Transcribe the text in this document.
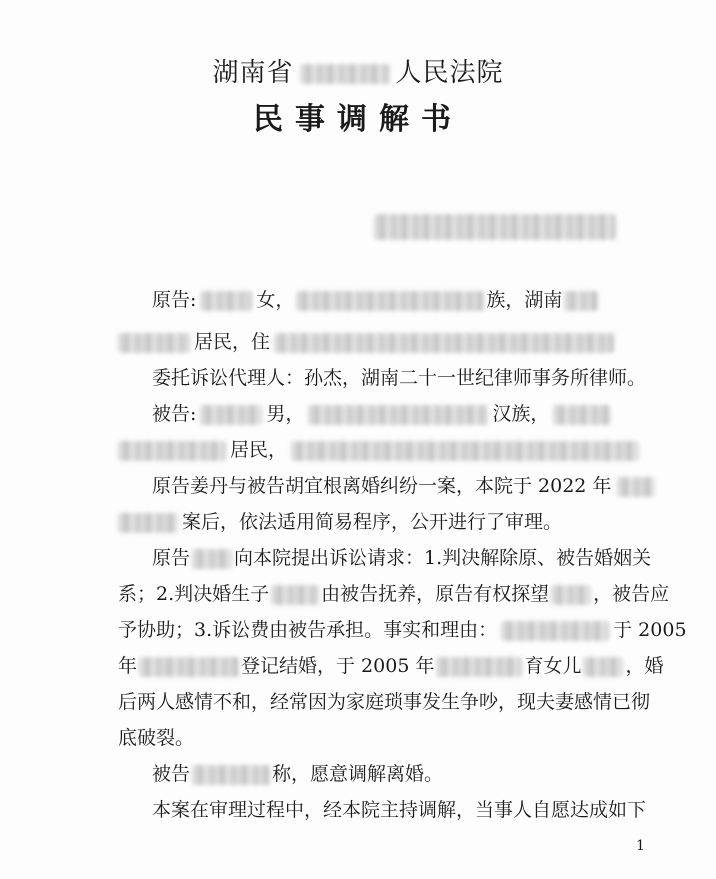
湖南省	人民法院
民事调解书
原告:	女，	族，湖南
居民，住
委托诉讼代理人：孙杰，湖南二十一世纪律师事务所律师。
被告:	男，	汉族，
居民，
原告姜丹与被告胡宜根离婚纠纷一案，本院于 2022 年
案后，依法适用简易程序，公开进行了审理。
原告 向本院提出诉讼请求：1.判决解除原、被告婚姻关
系；2.判决婚生子	由被告抚养，原告有权探望 ，被告应
予协助；3.诉讼费由被告承担。事实和理由：	于 2005
年	登记结婚，于 2005 年	育女儿 ，婚
后两人感情不和，经常因为家庭琐事发生争吵，现夫妻感情已彻
底破裂。
被告	称，愿意调解离婚。
本案在审理过程中，经本院主持调解，当事人自愿达成如下
1
